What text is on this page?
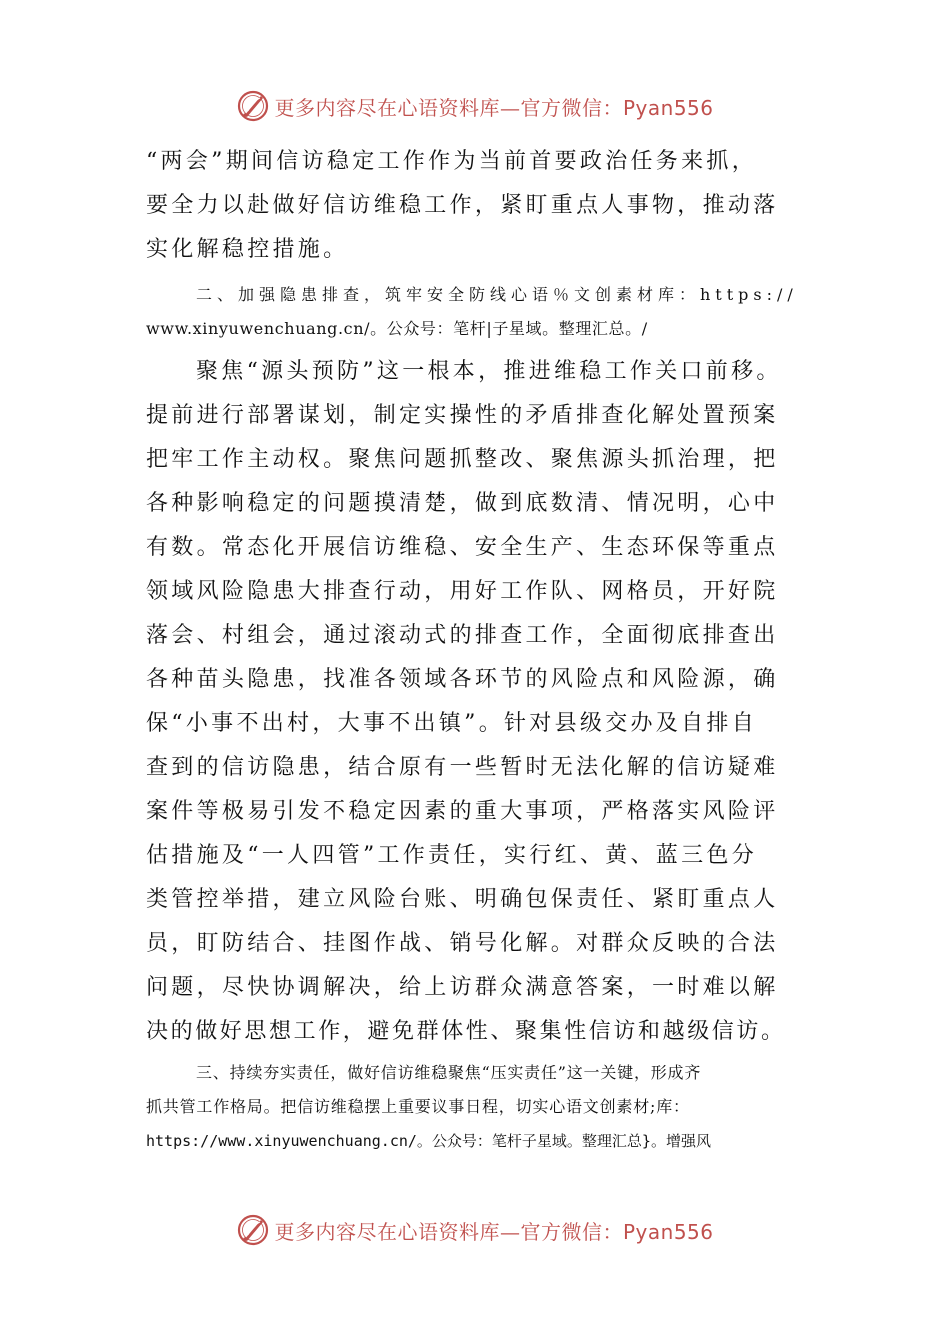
更多内容尽在心语资料库—官方微信：Pyan556
“两会”期间信访稳定工作作为当前首要政治任务来抓，
要全力以赴做好信访维稳工作，紧盯重点人事物，推动落
实化解稳控措施。
二、加强隐患排查，筑牢安全防线心语％文创素材库：https://
www.xinyuwenchuang.cn/。公众号：笔杆|子星域。整理汇总。/
聚焦“源头预防”这一根本，推进维稳工作关口前移。
提前进行部署谋划，制定实操性的矛盾排查化解处置预案
把牢工作主动权。聚焦问题抓整改、聚焦源头抓治理，把
各种影响稳定的问题摸清楚，做到底数清、情况明，心中
有数。常态化开展信访维稳、安全生产、生态环保等重点
领域风险隐患大排查行动，用好工作队、网格员，开好院
落会、村组会，通过滚动式的排查工作，全面彻底排查出
各种苗头隐患，找准各领域各环节的风险点和风险源，确
保“小事不出村，大事不出镇”。针对县级交办及自排自
查到的信访隐患，结合原有一些暂时无法化解的信访疑难
案件等极易引发不稳定因素的重大事项，严格落实风险评
估措施及“一人四管”工作责任，实行红、黄、蓝三色分
类管控举措，建立风险台账、明确包保责任、紧盯重点人
员，盯防结合、挂图作战、销号化解。对群众反映的合法
问题，尽快协调解决，给上访群众满意答案，一时难以解
决的做好思想工作，避免群体性、聚集性信访和越级信访。
三、持续夯实责任，做好信访维稳聚焦“压实责任”这一关键，形成齐
抓共管工作格局。把信访维稳摆上重要议事日程，切实心语文创素材;库：
https://www.xinyuwenchuang.cn/。公众号：笔杆子星域。整理汇总}。增强风
更多内容尽在心语资料库—官方微信：Pyan556
